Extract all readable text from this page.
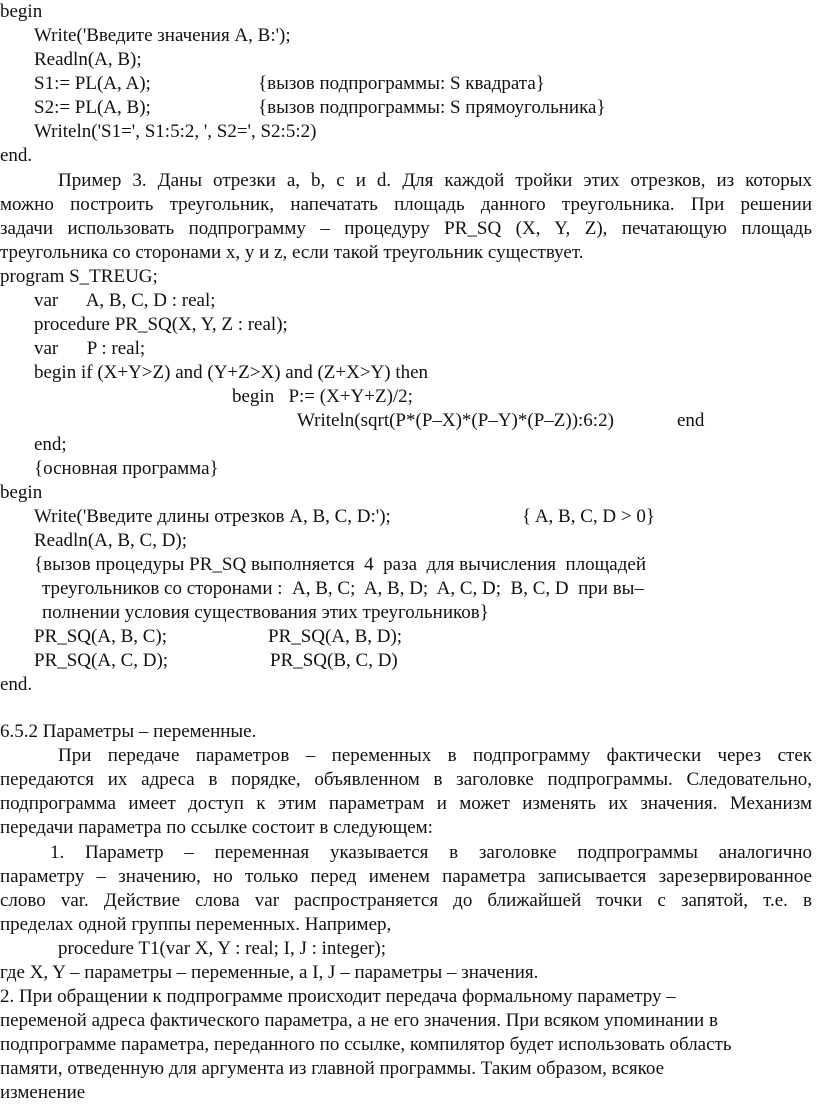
begin
Write('Введите значения A, B:');
Readln(A, B);
S1:= PL(A, A);	{вызов подпрограммы: S квадрата}
S2:= PL(A, B);	{вызов подпрограммы: S прямоугольника}
Writeln('S1=', S1:5:2, ', S2=', S2:5:2)
end.
Пример 3. Даны отрезки a, b, c и d. Для каждой тройки этих отрезков, из которых
можно построить треугольник, напечатать площадь данного треугольника. При решении
задачи использовать подпрограмму – процедуру PR_SQ (X, Y, Z), печатающую площадь
треугольника со сторонами x, y и z, если такой треугольник существует.
program S_TREUG;
var      A, B, C, D : real;
procedure PR_SQ(X, Y, Z : real);
var      P : real;
begin if (X+Y>Z) and (Y+Z>X) and (Z+X>Y) then
begin   P:= (X+Y+Z)/2;
Writeln(sqrt(P*(P–X)*(P–Y)*(P–Z)):6:2)	end
end;
{основная программа}
begin
Write('Введите длины отрезков A, B, C, D:');	{ A, B, C, D > 0}
Readln(A, B, C, D);
{вызов процедуры PR_SQ выполняется  4  раза  для вычисления  площадей
треугольников со сторонами :  A, B, C;  A, B, D;  A, C, D;  B, C, D  при вы–
полнении условия существования этих треугольников}
PR_SQ(A, B, C);	PR_SQ(A, B, D);
PR_SQ(A, C, D);	PR_SQ(B, C, D)
end.
6.5.2 Параметры – переменные.
При передаче параметров – переменных в подпрограмму фактически через стек
передаются их адреса в порядке, объявленном в заголовке подпрограммы. Следовательно,
подпрограмма имеет доступ к этим параметрам и может изменять их значения. Механизм
передачи параметра по ссылке состоит в следующем:
1. Параметр – переменная указывается в заголовке подпрограммы аналогично
параметру – значению, но только перед именем параметра записывается зарезервированное
слово var. Действие слова var распространяется до ближайшей точки с запятой, т.е. в
пределах одной группы переменных. Например,
procedure T1(var X, Y : real; I, J : integer);
где X, Y – параметры – переменные, а I, J – параметры – значения.
2. При обращении к подпрограмме происходит передача формальному параметру –
переменой адреса фактического параметра, а не его значения. При всяком упоминании в
подпрограмме параметра, переданного по ссылке, компилятор будет использовать область
памяти, отведенную для аргумента из главной программы. Таким образом, всякое
изменение
